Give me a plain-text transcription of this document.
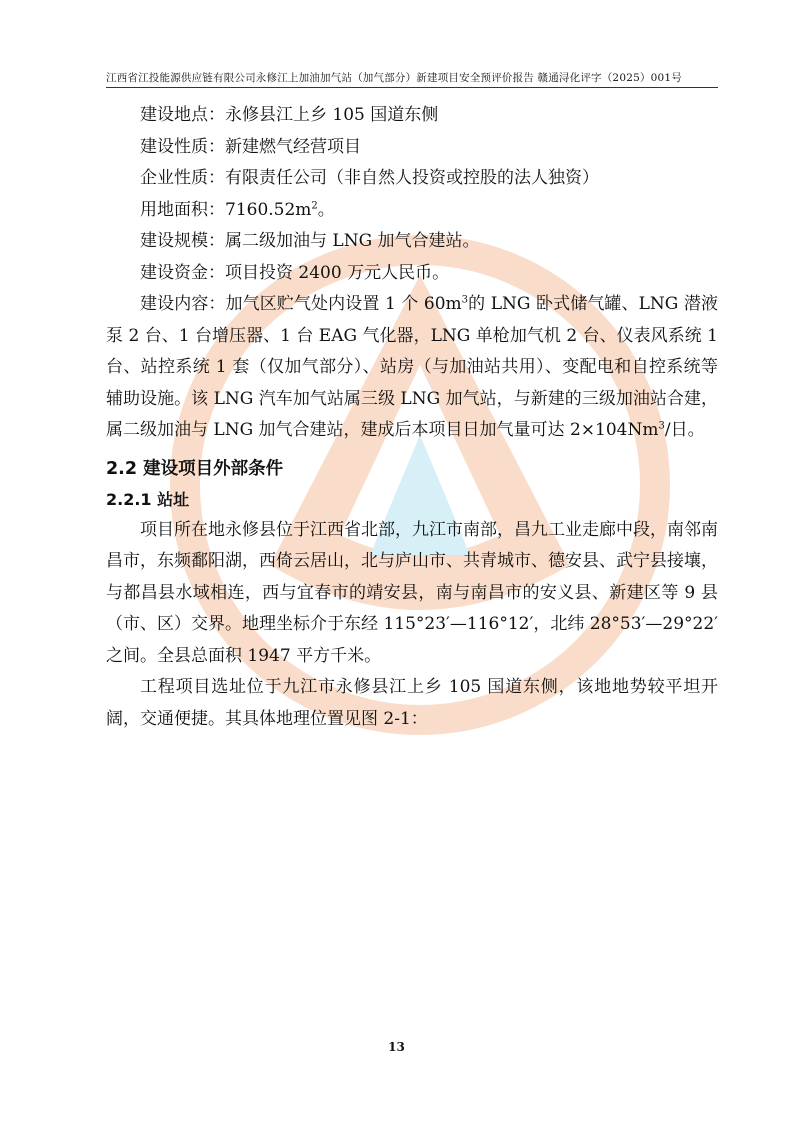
江西省江投能源供应链有限公司永修江上加油加气站（加气部分）新建项目安全预评价报告 赣通浔化评字（2025）001号

建设地点：永修县江上乡 105 国道东侧

建设性质：新建燃气经营项目

企业性质：有限责任公司（非自然人投资或控股的法人独资）

用地面积：$7160.52m^2$。

建设规模：属二级加油与 LNG 加气合建站。

建设资金：项目投资 2400 万元人民币。

建设内容：加气区贮气处内设置 1 个 $60m^3$的 LNG 卧式储气罐、LNG 潜液泵 2 台、1 台增压器、1 台 EAG 气化器，LNG 单枪加气机 2 台、仪表风系统 1 台、站控系统 1 套（仅加气部分）、站房（与加油站共用）、变配电和自控系统等辅助设施。该 LNG 汽车加气站属三级 LNG 加气站，与新建的三级加油站合建，属二级加油与 LNG 加气合建站，建成后本项目日加气量可达 $2\times 104Nm^3/$日。

2.2 建设项目外部条件
2.2.1 站址

项目所在地永修县位于江西省北部，九江市南部，昌九工业走廊中段，南邻南昌市，东频鄱阳湖，西倚云居山，北与庐山市、共青城市、德安县、武宁县接壤，与都昌县水域相连，西与宜春市的靖安县，南与南昌市的安义县、新建区等 9 县（市、区）交界。地理坐标介于东经 115°23′—116°12′，北纬 28°53′—29°22′之间。全县总面积 1947 平方千米。

工程项目选址位于九江市永修县江上乡 105 国道东侧，该地地势较平坦开阔，交通便捷。其具体地理位置见图 2-1：

13
